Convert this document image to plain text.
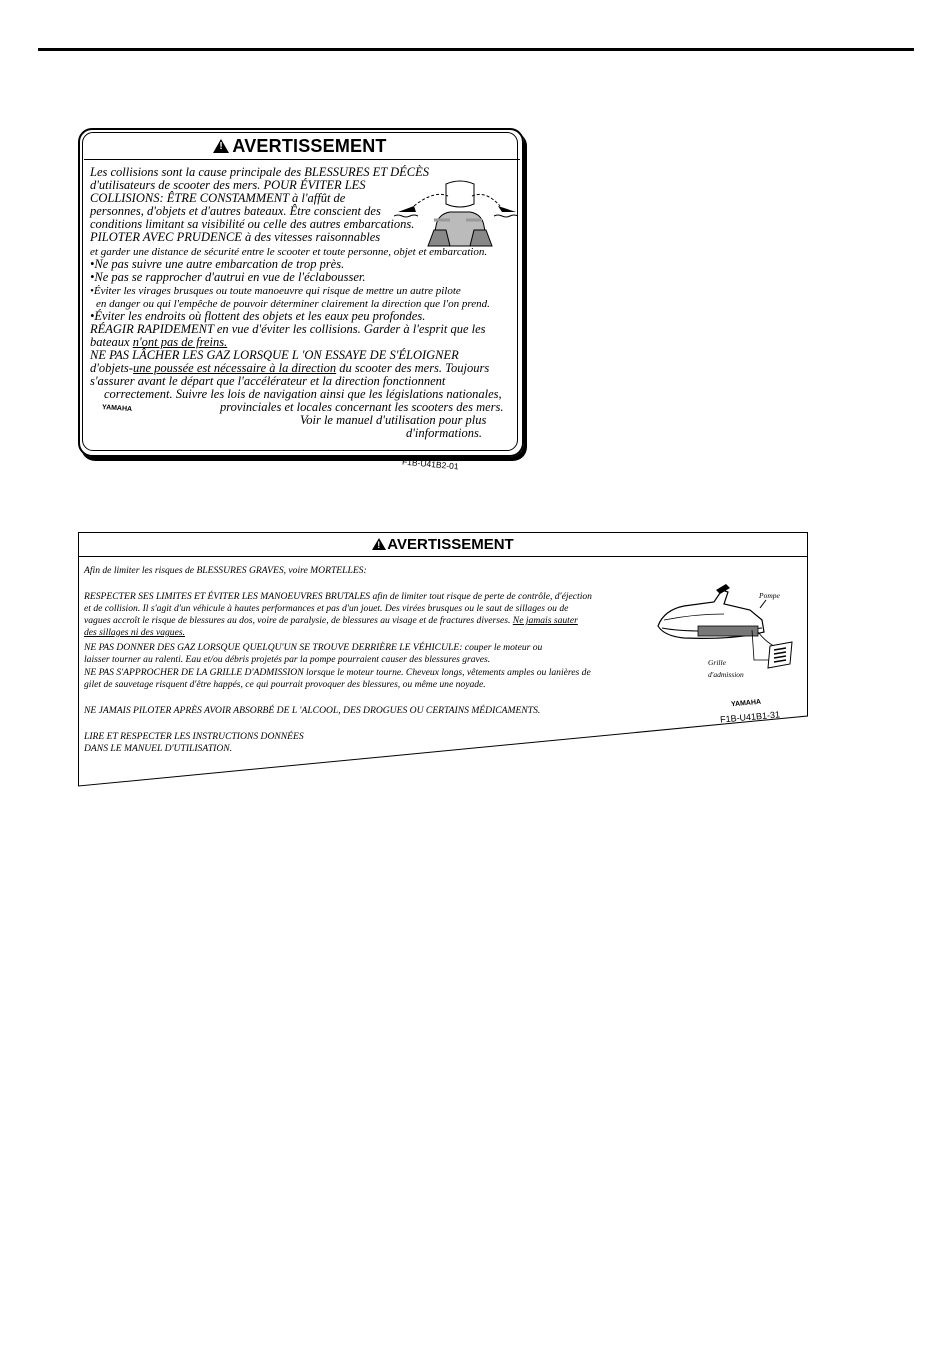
!AVERTISSEMENT
Les collisions sont la cause principale des BLESSURES ET DÉCÈS
d'utilisateurs de scooter des mers. POUR ÉVITER LES
COLLISIONS: ÊTRE CONSTAMMENT à l'affût de
personnes, d'objets et d'autres bateaux. Être conscient des
conditions limitant sa visibilité ou celle des autres embarcations.
PILOTER AVEC PRUDENCE à des vitesses raisonnables
et garder une distance de sécurité entre le scooter et toute personne, objet et embarcation.
•Ne pas suivre une autre embarcation de trop près.
•Ne pas se rapprocher d'autrui en vue de l'éclabousser.
•Éviter les virages brusques ou toute manoeuvre qui risque de mettre un autre pilote
en danger ou qui l'empêche de pouvoir déterminer clairement la direction que l'on prend.
•Éviter les endroits où flottent des objets et les eaux peu profondes.
RÉAGIR RAPIDEMENT en vue d'éviter les collisions. Garder à l'esprit que les
bateaux n'ont pas de freins.
NE PAS LÂCHER LES GAZ LORSQUE L 'ON ESSAYE DE S'ÉLOIGNER
d'objets-une poussée est nécessaire à la direction du scooter des mers. Toujours
s'assurer avant le départ que l'accélérateur et la direction fonctionnent
correctement. Suivre les lois de navigation ainsi que les législations nationales,
provinciales et locales concernant les scooters des mers.
Voir le manuel d'utilisation pour plus
d'informations.
YAMAHA
F1B-U41B2-01
!AVERTISSEMENT
Afin de limiter les risques de BLESSURES GRAVES, voire MORTELLES:
RESPECTER SES LIMITES ET ÉVITER LES MANOEUVRES BRUTALES afin de limiter tout risque de perte de contrôle, d'éjection
et de collision. Il s'agit d'un véhicule à hautes performances et pas d'un jouet. Des virées brusques ou le saut de sillages ou de
vagues accroît le risque de blessures au dos, voire de paralysie, de blessures au visage et de fractures diverses. Ne jamais sauter
des sillages ni des vagues.
NE PAS DONNER DES GAZ LORSQUE QUELQU'UN SE TROUVE DERRIÈRE LE VÉHICULE: couper le moteur ou
laisser tourner au ralenti. Eau et/ou débris projetés par la pompe pourraient causer des blessures graves.
NE PAS S'APPROCHER DE LA GRILLE D'ADMISSION lorsque le moteur tourne. Cheveux longs, vêtements amples ou lanières de
gilet de sauvetage risquent d'être happés, ce qui pourrait provoquer des blessures, ou même une noyade.
NE JAMAIS PILOTER APRÈS AVOIR ABSORBÉ DE L 'ALCOOL, DES DROGUES OU CERTAINS MÉDICAMENTS.
LIRE ET RESPECTER LES INSTRUCTIONS DONNÉES
DANS LE MANUEL D'UTILISATION.
Pompe
Grille
d'admission
YAMAHA
F1B-U41B1-31
